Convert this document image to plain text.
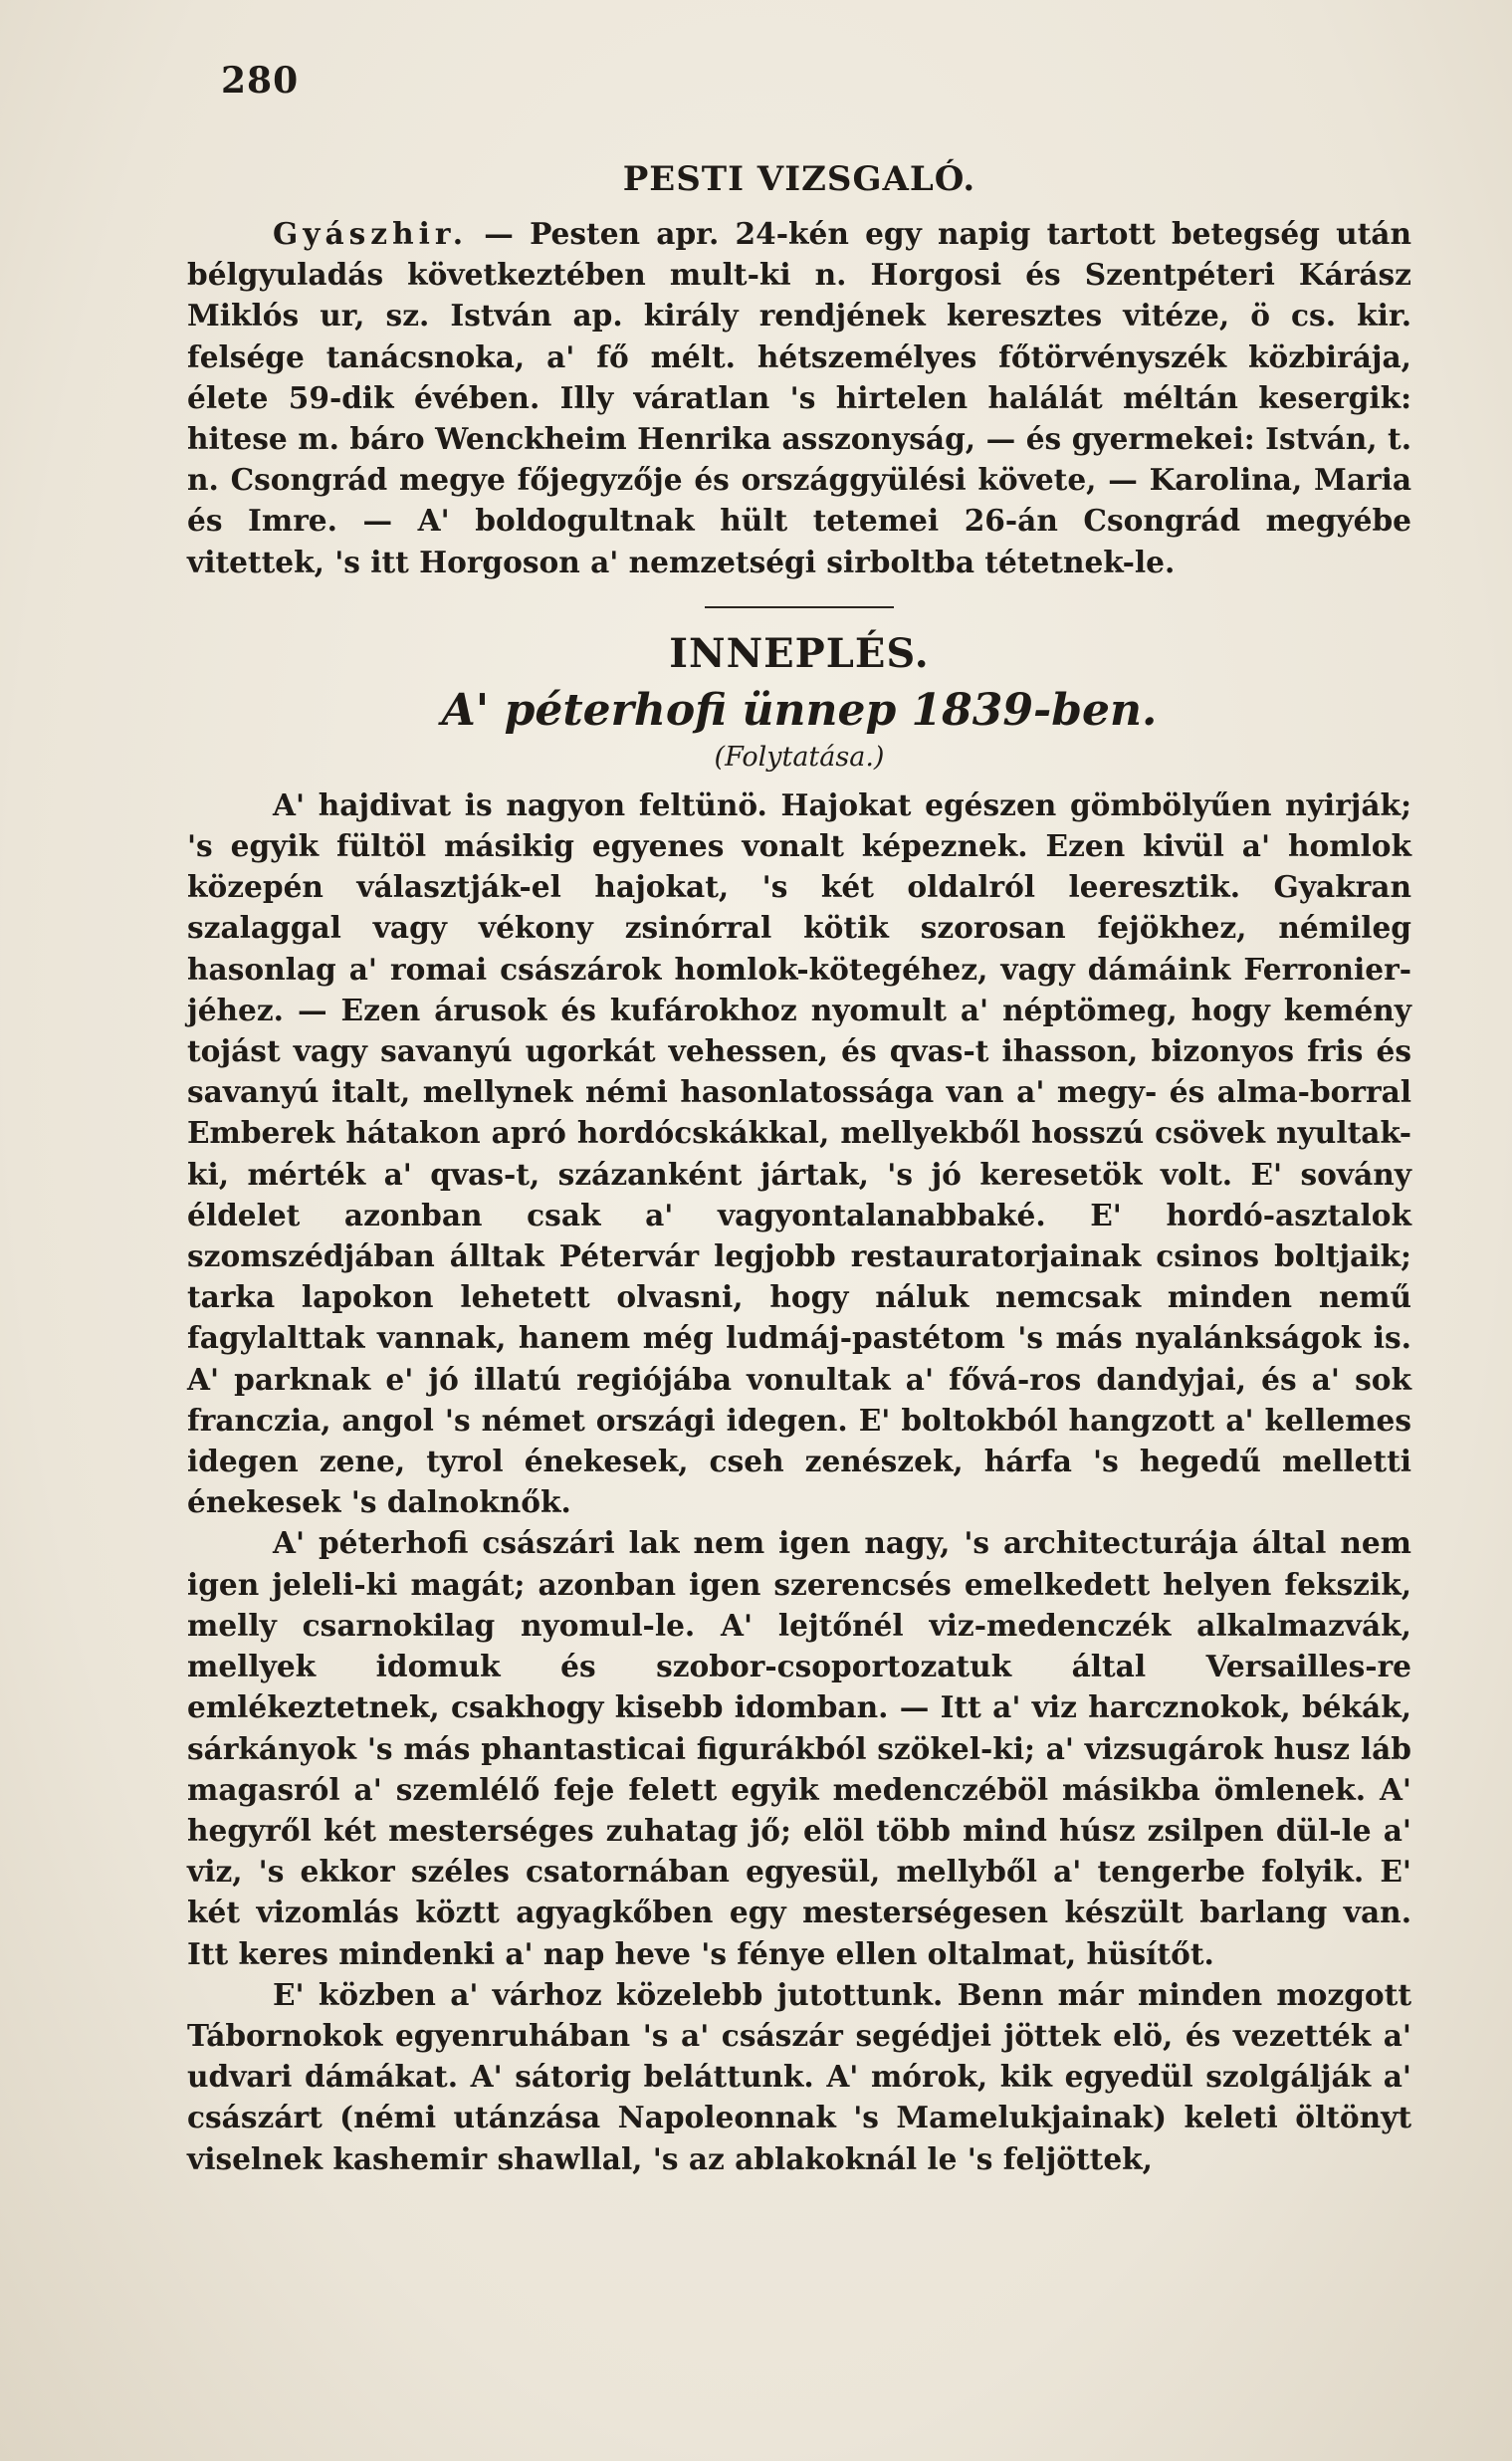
280
PESTI VIZSGALÓ.

Gyászhir. — Pesten apr. 24-kén egy napig tartott betegség után bélgyuladás következtében mult-ki n. Horgosi és Szentpéteri Kárász Miklós ur, sz. István ap. király rendjének keresztes vitéze, ö cs. kir. felsége tanácsnoka, a' fő mélt. hétszemélyes főtörvényszék közbirája, élete 59-dik évében. Illy váratlan 's hirtelen halálát méltán kesergik: hitese m. báro Wenckheim Henrika asszonyság, — és gyermekei: István, t. n. Csongrád megye főjegyzője és országgyülési követe, — Karolina, Maria és Imre. — A' boldogultnak hült tetemei 26-án Csongrád megyébe vitettek, 's itt Horgoson a' nemzetségi sirboltba tétetnek-le.

INNEPLÉS.
A' péterhofi ünnep 1839-ben.
(Folytatása.)

A' hajdivat is nagyon feltünö. Hajokat egészen gömbölyűen nyirják; 's egyik fültöl másikig egyenes vonalt képeznek. Ezen kivül a' homlok közepén választják-el hajokat, 's két oldalról leeresztik. Gyakran szalaggal vagy vékony zsinórral kötik szorosan fejökhez, némileg hasonlag a' romai császárok homlok-kötegéhez, vagy dámáink Ferronier-jéhez. — Ezen árusok és kufárokhoz nyomult a' néptömeg, hogy kemény tojást vagy savanyú ugorkát vehessen, és qvas-t ihasson, bizonyos fris és savanyú italt, mellynek némi hasonlatossága van a' megy- és alma-borral Emberek hátakon apró hordócskákkal, mellyekből hosszú csövek nyultak-ki, mérték a' qvas-t, százanként jártak, 's jó keresetök volt. E' sovány éldelet azonban csak a' vagyontalanabbaké. E' hordó-asztalok szomszédjában álltak Pétervár legjobb restauratorjainak csinos boltjaik; tarka lapokon lehetett olvasni, hogy náluk nemcsak minden nemű fagylalttak vannak, hanem még ludmáj-pastétom 's más nyalánkságok is. A' parknak e' jó illatú regiójába vonultak a' fővá-ros dandyjai, és a' sok franczia, angol 's német országi idegen. E' boltokból hangzott a' kellemes idegen zene, tyrol énekesek, cseh zenészek, hárfa 's hegedű melletti énekesek 's dalnoknők.

A' péterhofi császári lak nem igen nagy, 's architecturája által nem igen jeleli-ki magát; azonban igen szerencsés emelkedett helyen fekszik, melly csarnokilag nyomul-le. A' lejtőnél viz-medenczék alkalmazvák, mellyek idomuk és szobor-csoportozatuk által Versailles-re emlékeztetnek, csakhogy kisebb idomban. — Itt a' viz harcznokok, békák, sárkányok 's más phantasticai figurákból szökel-ki; a' vizsugárok husz láb magasról a' szemlélő feje felett egyik medenczéböl másikba ömlenek. A' hegyről két mesterséges zuhatag jő; elöl több mind húsz zsilpen dül-le a' viz, 's ekkor széles csatornában egyesül, mellyből a' tengerbe folyik. E' két vizomlás köztt agyagkőben egy mesterségesen készült barlang van. Itt keres mindenki a' nap heve 's fénye ellen oltalmat, hüsítőt.

E' közben a' várhoz közelebb jutottunk. Benn már minden mozgott Tábornokok egyenruhában 's a' császár segédjei jöttek elö, és vezették a' udvari dámákat. A' sátorig beláttunk. A' mórok, kik egyedül szolgálják a' császárt (némi utánzása Napoleonnak 's Mamelukjainak) keleti öltönyt viselnek kashemir shawllal, 's az ablakoknál le 's feljöttek,
